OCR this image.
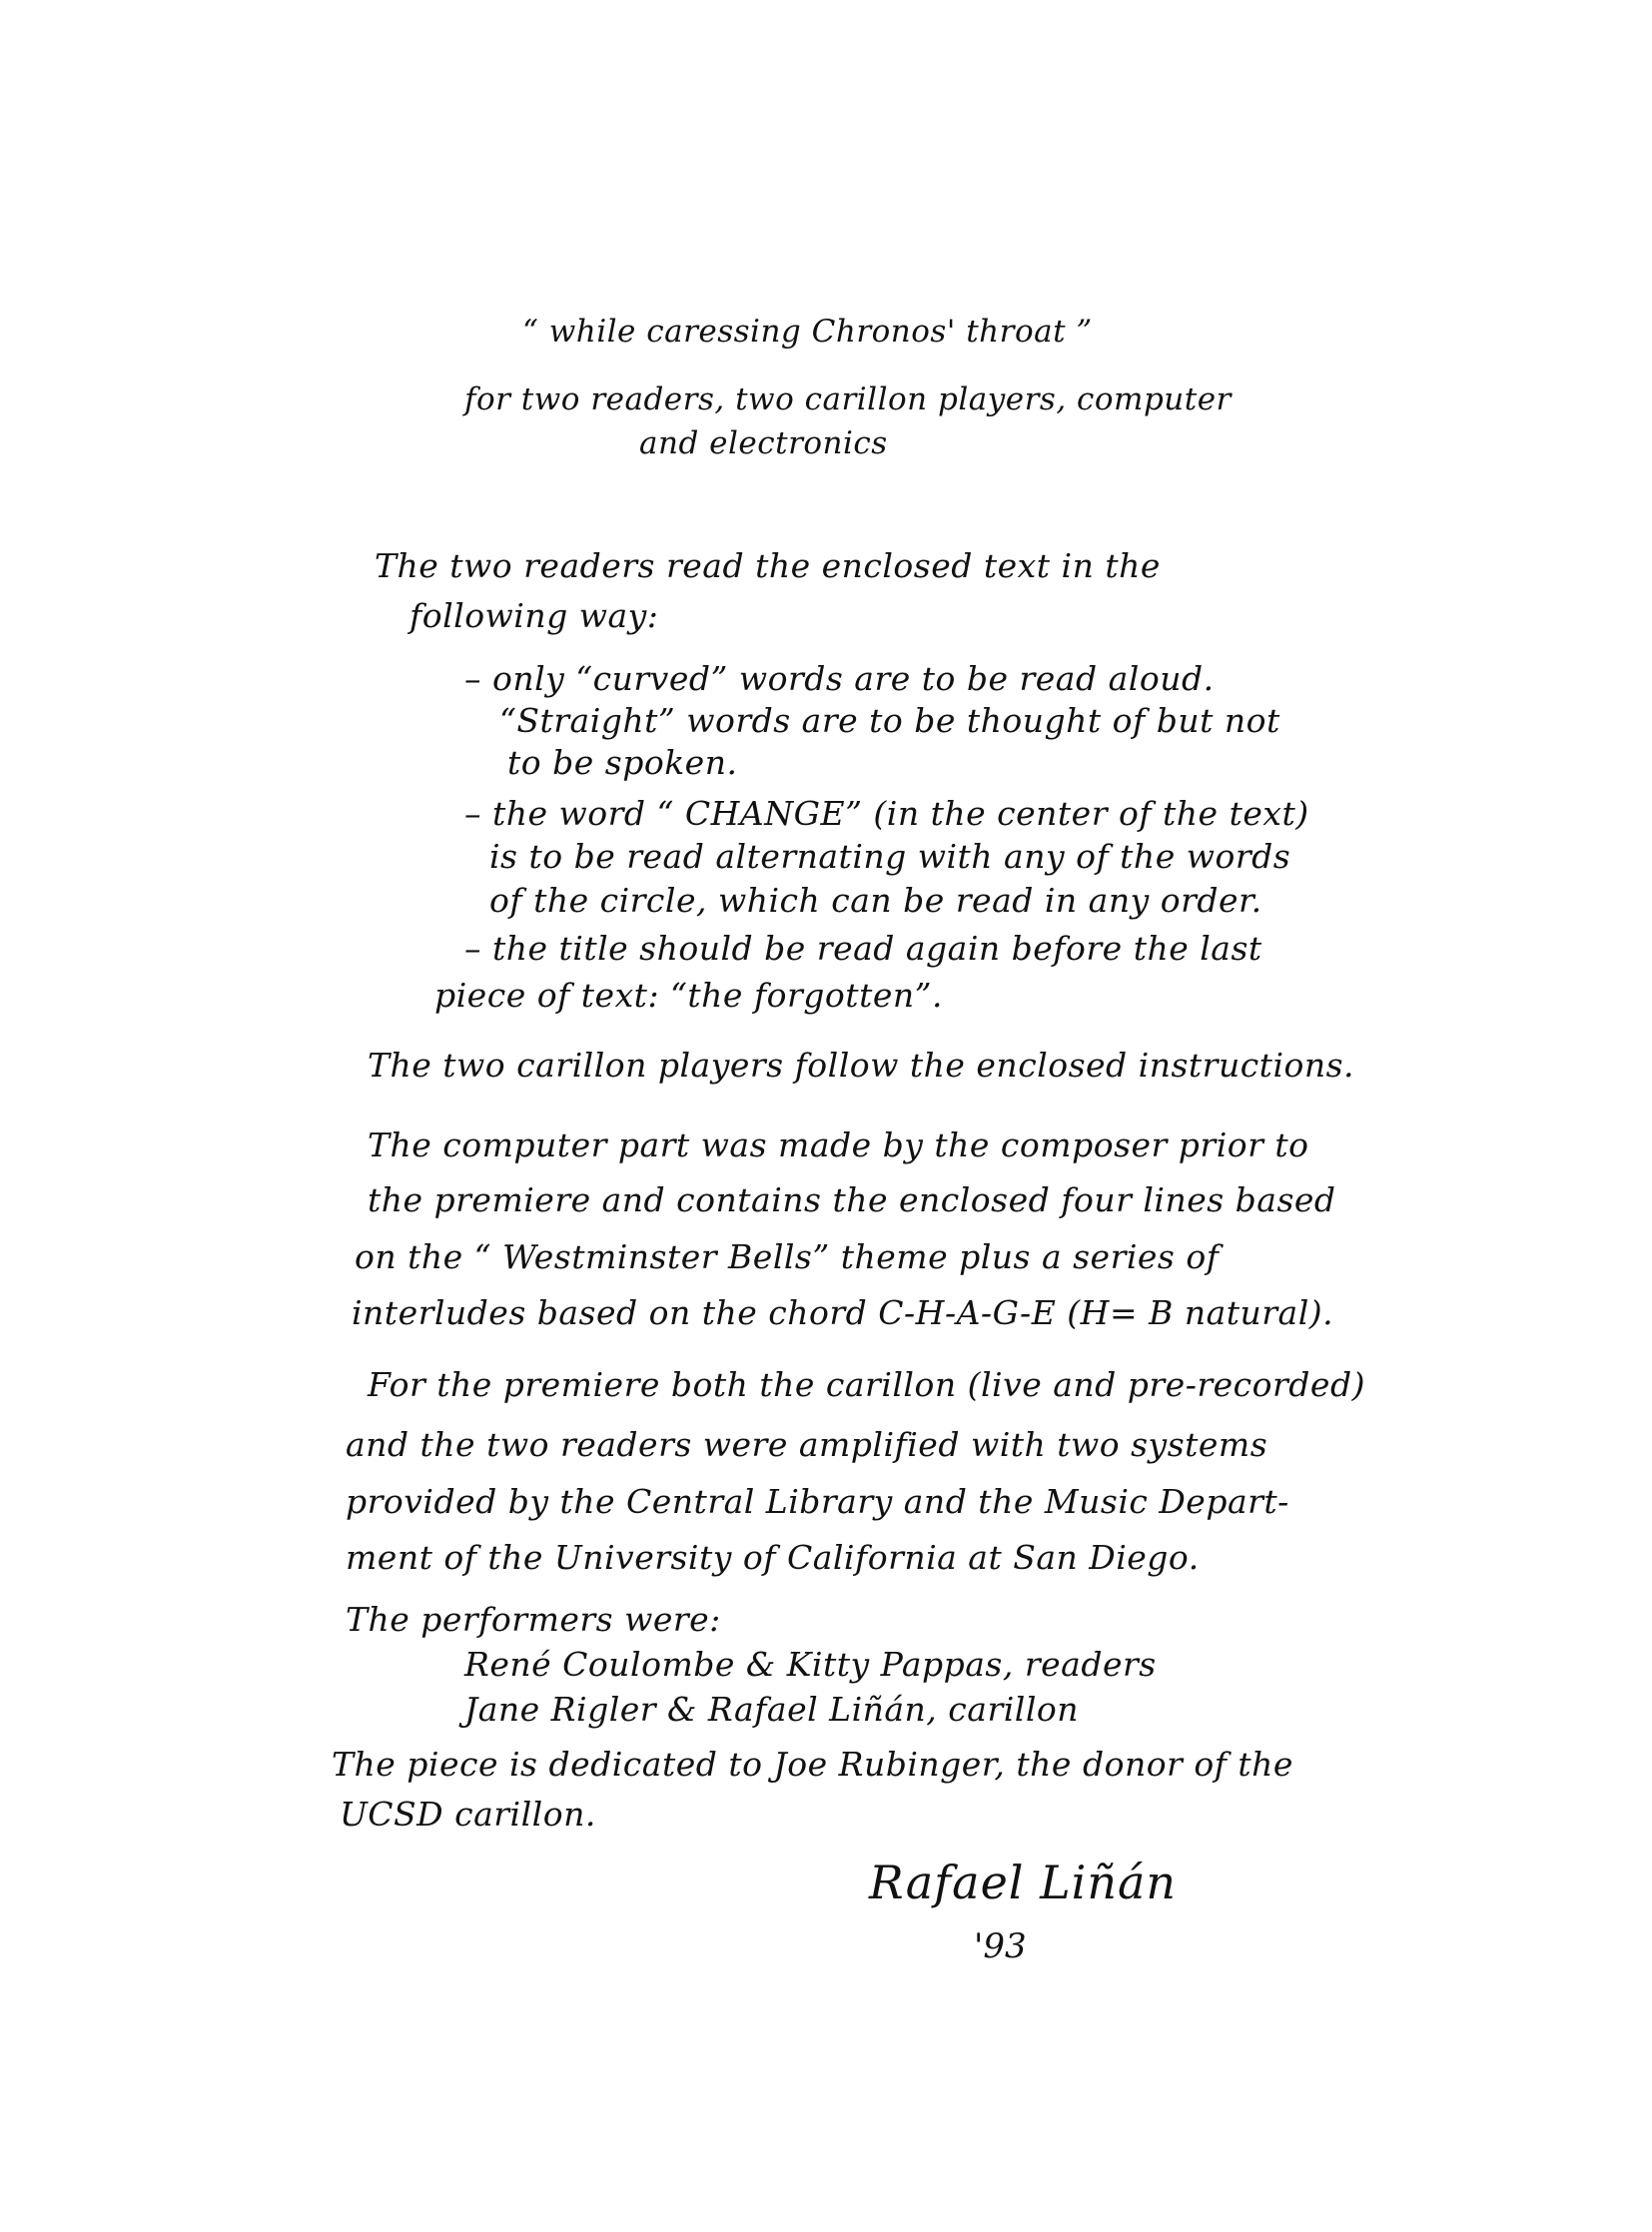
“ while caressing Chronos' throat ”
for two readers, two carillon players, computer
and electronics
The two readers read the enclosed text in the
following way:
– only “curved” words are to be read aloud.
“Straight” words are to be thought of but not
to be spoken.
– the word “ CHANGE” (in the center of the text)
is to be read alternating with any of the words
of the circle, which can be read in any order.
– the title should be read again before the last
piece of text: “the forgotten”.
The two carillon players follow the enclosed instructions.
The computer part was made by the composer prior to
the premiere and contains the enclosed four lines based
on the “ Westminster Bells” theme plus a series of
interludes based on the chord C-H-A-G-E (H= B natural).
For the premiere both the carillon (live and pre-recorded)
and the two readers were amplified with two systems
provided by the Central Library and the Music Depart-
ment of the University of California at San Diego.
The performers were:
René Coulombe & Kitty Pappas, readers
Jane Rigler & Rafael Liñán, carillon
The piece is dedicated to Joe Rubinger, the donor of the
UCSD carillon.
Rafael Liñán
'93
